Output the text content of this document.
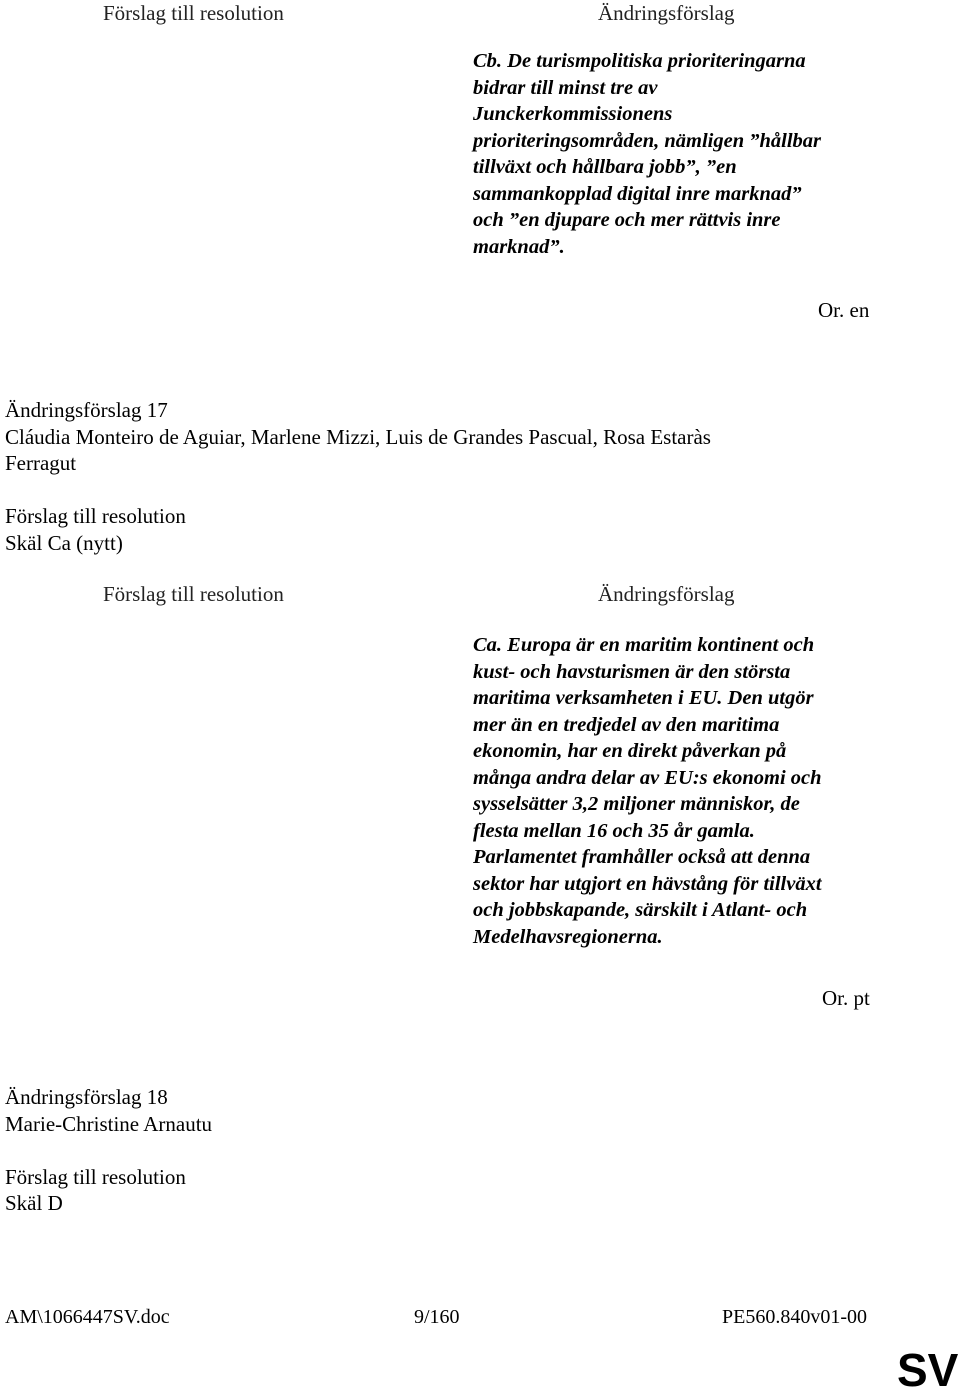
Förslag till resolution	Ändringsförslag
Cb. De turismpolitiska prioriteringarna
bidrar till minst tre av
Junckerkommissionens
prioriteringsområden, nämligen ”hållbar
tillväxt och hållbara jobb”, ”en
sammankopplad digital inre marknad”
och ”en djupare och mer rättvis inre
marknad”.
Or. en
Ändringsförslag 17
Cláudia Monteiro de Aguiar, Marlene Mizzi, Luis de Grandes Pascual, Rosa Estaràs
Ferragut
Förslag till resolution
Skäl Ca (nytt)
Förslag till resolution	Ändringsförslag
Ca. Europa är en maritim kontinent och
kust- och havsturismen är den största
maritima verksamheten i EU. Den utgör
mer än en tredjedel av den maritima
ekonomin, har en direkt påverkan på
många andra delar av EU:s ekonomi och
sysselsätter 3,2 miljoner människor, de
flesta mellan 16 och 35 år gamla.
Parlamentet framhåller också att denna
sektor har utgjort en hävstång för tillväxt
och jobbskapande, särskilt i Atlant- och
Medelhavsregionerna.
Or. pt
Ändringsförslag 18
Marie-Christine Arnautu
Förslag till resolution
Skäl D
AM\1066447SV.doc	9/160	PE560.840v01-00
SV
